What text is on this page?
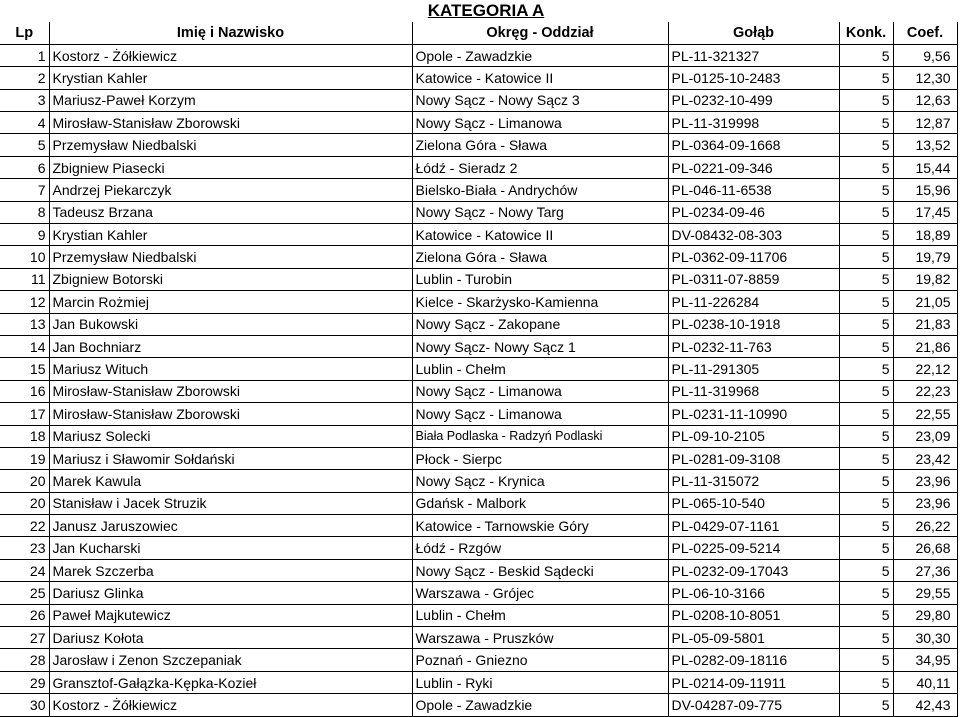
KATEGORIA A
Lp	Imię i Nazwisko	Okręg - Oddział	Gołąb	Konk.	Coef.
1	Kostorz - Żółkiewicz	Opole - Zawadzkie	PL-11-321327	5	9,56
2	Krystian Kahler	Katowice - Katowice II	PL-0125-10-2483	5	12,30
3	Mariusz-Paweł Korzym	Nowy Sącz - Nowy Sącz 3	PL-0232-10-499	5	12,63
4	Mirosław-Stanisław Zborowski	Nowy Sącz - Limanowa	PL-11-319998	5	12,87
5	Przemysław Niedbalski	Zielona Góra - Sława	PL-0364-09-1668	5	13,52
6	Zbigniew Piasecki	Łódź - Sieradz 2	PL-0221-09-346	5	15,44
7	Andrzej Piekarczyk	Bielsko-Biała - Andrychów	PL-046-11-6538	5	15,96
8	Tadeusz Brzana	Nowy Sącz - Nowy Targ	PL-0234-09-46	5	17,45
9	Krystian Kahler	Katowice - Katowice II	DV-08432-08-303	5	18,89
10	Przemysław Niedbalski	Zielona Góra - Sława	PL-0362-09-11706	5	19,79
11	Zbigniew Botorski	Lublin - Turobin	PL-0311-07-8859	5	19,82
12	Marcin Rożmiej	Kielce - Skarżysko-Kamienna	PL-11-226284	5	21,05
13	Jan Bukowski	Nowy Sącz - Zakopane	PL-0238-10-1918	5	21,83
14	Jan Bochniarz	Nowy Sącz- Nowy Sącz 1	PL-0232-11-763	5	21,86
15	Mariusz Wituch	Lublin - Chełm	PL-11-291305	5	22,12
16	Mirosław-Stanisław Zborowski	Nowy Sącz - Limanowa	PL-11-319968	5	22,23
17	Mirosław-Stanisław Zborowski	Nowy Sącz - Limanowa	PL-0231-11-10990	5	22,55
18	Mariusz Solecki	Biała Podlaska - Radzyń Podlaski	PL-09-10-2105	5	23,09
19	Mariusz i Sławomir Sołdański	Płock - Sierpc	PL-0281-09-3108	5	23,42
20	Marek Kawula	Nowy Sącz - Krynica	PL-11-315072	5	23,96
20	Stanisław i Jacek Struzik	Gdańsk - Malbork	PL-065-10-540	5	23,96
22	Janusz Jaruszowiec	Katowice - Tarnowskie Góry	PL-0429-07-1161	5	26,22
23	Jan Kucharski	Łódź - Rzgów	PL-0225-09-5214	5	26,68
24	Marek Szczerba	Nowy Sącz - Beskid Sądecki	PL-0232-09-17043	5	27,36
25	Dariusz Glinka	Warszawa - Grójec	PL-06-10-3166	5	29,55
26	Paweł Majkutewicz	Lublin - Chełm	PL-0208-10-8051	5	29,80
27	Dariusz Kołota	Warszawa - Pruszków	PL-05-09-5801	5	30,30
28	Jarosław i Zenon Szczepaniak	Poznań - Gniezno	PL-0282-09-18116	5	34,95
29	Gransztof-Gałązka-Kępka-Kozieł	Lublin - Ryki	PL-0214-09-11911	5	40,11
30	Kostorz - Żółkiewicz	Opole - Zawadzkie	DV-04287-09-775	5	42,43
